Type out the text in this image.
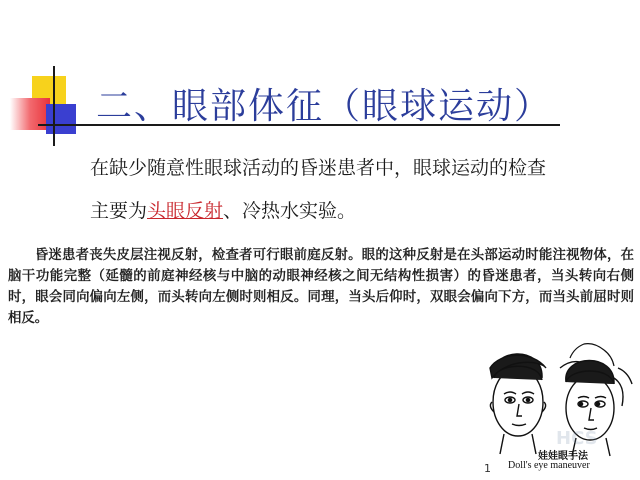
二、眼部体征（眼球运动）
在缺少随意性眼球活动的昏迷患者中，眼球运动的检查
主要为头眼反射、冷热水实验。

昏迷患者丧失皮层注视反射，检查者可行眼前庭反射。眼的这种反射是在头部运动时能注视物体，在脑干功能完整（延髓的前庭神经核与中脑的动眼神经核之间无结构性损害）的昏迷患者，当头转向右侧时，眼会同向偏向左侧，而头转向左侧时则相反。同理，当头后仰时，双眼会偏向下方，而当头前屈时则相反。

HCS
娃娃眼手法
Doll's eye maneuver
1
